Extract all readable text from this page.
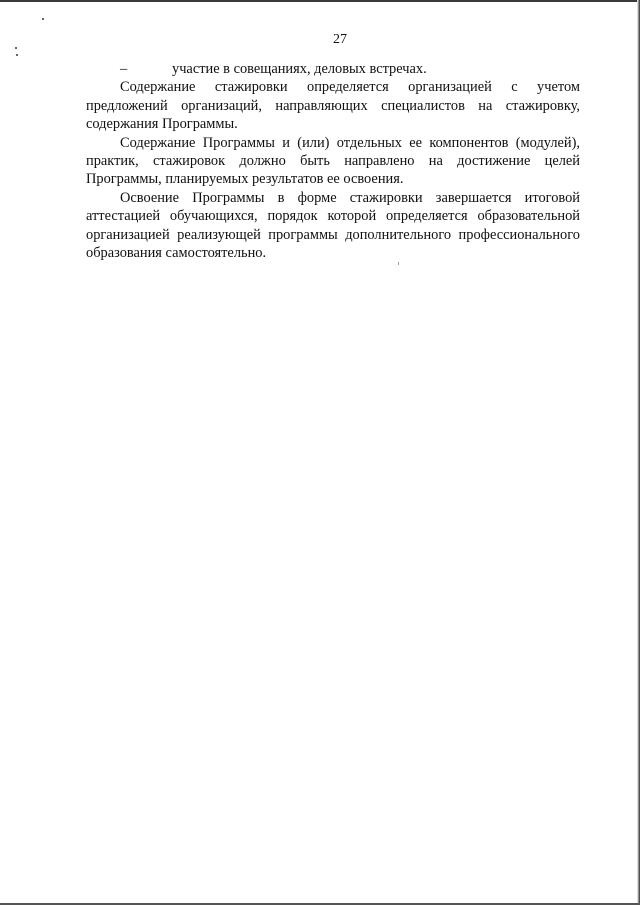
27

–	участие в совещаниях, деловых встречах.

Содержание стажировки определяется организацией с учетом предложений организаций, направляющих специалистов на стажировку, содержания Программы.

Содержание Программы и (или) отдельных ее компонентов (модулей), практик, стажировок должно быть направлено на достижение целей Программы, планируемых результатов ее освоения.

Освоение Программы в форме стажировки завершается итоговой аттестацией обучающихся, порядок которой определяется образовательной организацией реализующей программы дополнительного профессионального образования самостоятельно.
